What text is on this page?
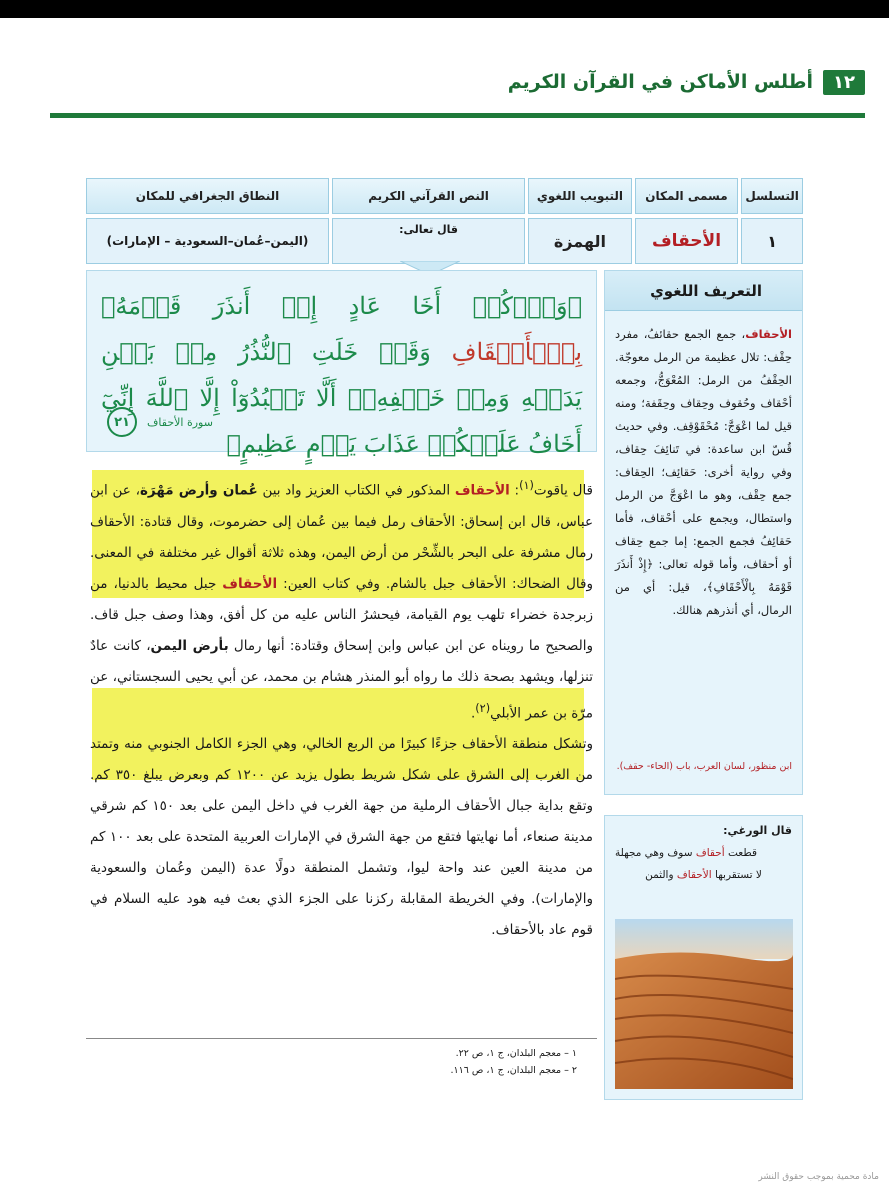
١٢
أطلس الأماكن في القرآن الكريم
التسلسل
مسمى المكان
التبويب اللغوي
النص القرآني الكريم
النطاق الجغرافي للمكان
١
الأحقاف
الهمزة
قال تعالى:
(اليمن–عُمان–السعودية – الإمارات)
﴿وَٱذۡكُرۡ أَخَا عَادٍ إِذۡ أَنذَرَ قَوۡمَهُۥ بِٱلۡأَحۡقَافِ وَقَدۡ خَلَتِ ٱلنُّذُرُ مِنۢ بَيۡنِ يَدَيۡهِ وَمِنۡ خَلۡفِهِۦٓ أَلَّا تَعۡبُدُوٓاْ إِلَّا ٱللَّهَ إِنِّيٓ أَخَافُ عَلَيۡكُمۡ عَذَابَ يَوۡمٍ عَظِيمٍ﴾
سورة الأحقاف
٢١
التعريف اللغوي
الأحقاف، جمع الجمع حقائفُ، مفرد حِقْف: تلال عظيمة من الرمل معوجّة. الحِقْفُ من الرمل: المُعْوَجُّ، وجمعه أحْقاف وحُقوف وحِقاف وحِقَفة؛ ومنه قيل لما اعْوَجَّ: مُحْقَوْقِف. وفي حديث قُسّ ابن ساعدة: في تَنائِفَ حِقاف، وفي رواية أخرى: حَقائِف؛ الحِقاف: جمع حِقْف، وهو ما اعْوَجَّ من الرمل واستطال، ويجمع على أحْقاف، فأما حَقائِفُ فجمع الجمع: إما جمع حِقاف أو أحقاف، وأما قوله تعالى: ﴿إِذْ أَنذَرَ قَوْمَهُ بِالْأَحْقَافِ﴾، قيل: أي من الرمال، أي أنذرهم هنالك.
ابن منظور، لسان العرب، باب (الحاء- حقف).

قال ياقوت$^{(١)}$: الأحقاف المذكور في الكتاب العزيز واد بين عُمان وأرض مَهْرَة، عن ابن عباس، قال ابن إسحاق: الأحقاف رمل فيما بين عُمان إلى حضرموت، وقال قتادة: الأحقاف رمال مشرفة على البحر بالشِّحْر من أرض اليمن، وهذه ثلاثة أقوال غير مختلفة في المعنى. وقال الضحاك: الأحقاف جبل بالشام. وفي كتاب العين: الأحقاف جبل محيط بالدنيا، من زبرجدة خضراء تلهب يوم القيامة، فيحشرُ الناس عليه من كل أفق، وهذا وصف جبل قاف. والصحيح ما رويناه عن ابن عباس وابن إسحاق وقتادة: أنها رمال بأرض اليمن، كانت عادٌ تنزلها، ويشهد بصحة ذلك ما رواه أبو المنذر هشام بن محمد، عن أبي يحيى السجستاني، عن مرّة بن عمر الأبلي$^{(٢)}$.

وتشكل منطقة الأحقاف جزءًا كبيرًا من الربع الخالي، وهي الجزء الكامل الجنوبي منه وتمتد من الغرب إلى الشرق على شكل شريط بطول يزيد عن ١٢٠٠ كم وبعرض يبلغ ٣٥٠ كم. وتقع بداية جبال الأحقاف الرملية من جهة الغرب في داخل اليمن على بعد ١٥٠ كم شرقي مدينة صنعاء، أما نهايتها فتقع من جهة الشرق في الإمارات العربية المتحدة على بعد ١٠٠ كم من مدينة العين عند واحة ليوا، وتشمل المنطقة دولًا عدة (اليمن وعُمان والسعودية والإمارات). وفي الخريطة المقابلة ركزنا على الجزء الذي بعث فيه هود عليه السلام في قوم عاد بالأحقاف.

١ – معجم البلدان، ج ١، ص ٢٢.
٢ – معجم البلدان، ج ١، ص ١١٦.
قال الورغي:
قطعت أحقاف سوف وهي مجهلة
لا تستقربها الأحقاف والثمن
مادة محمية بموجب حقوق النشر
